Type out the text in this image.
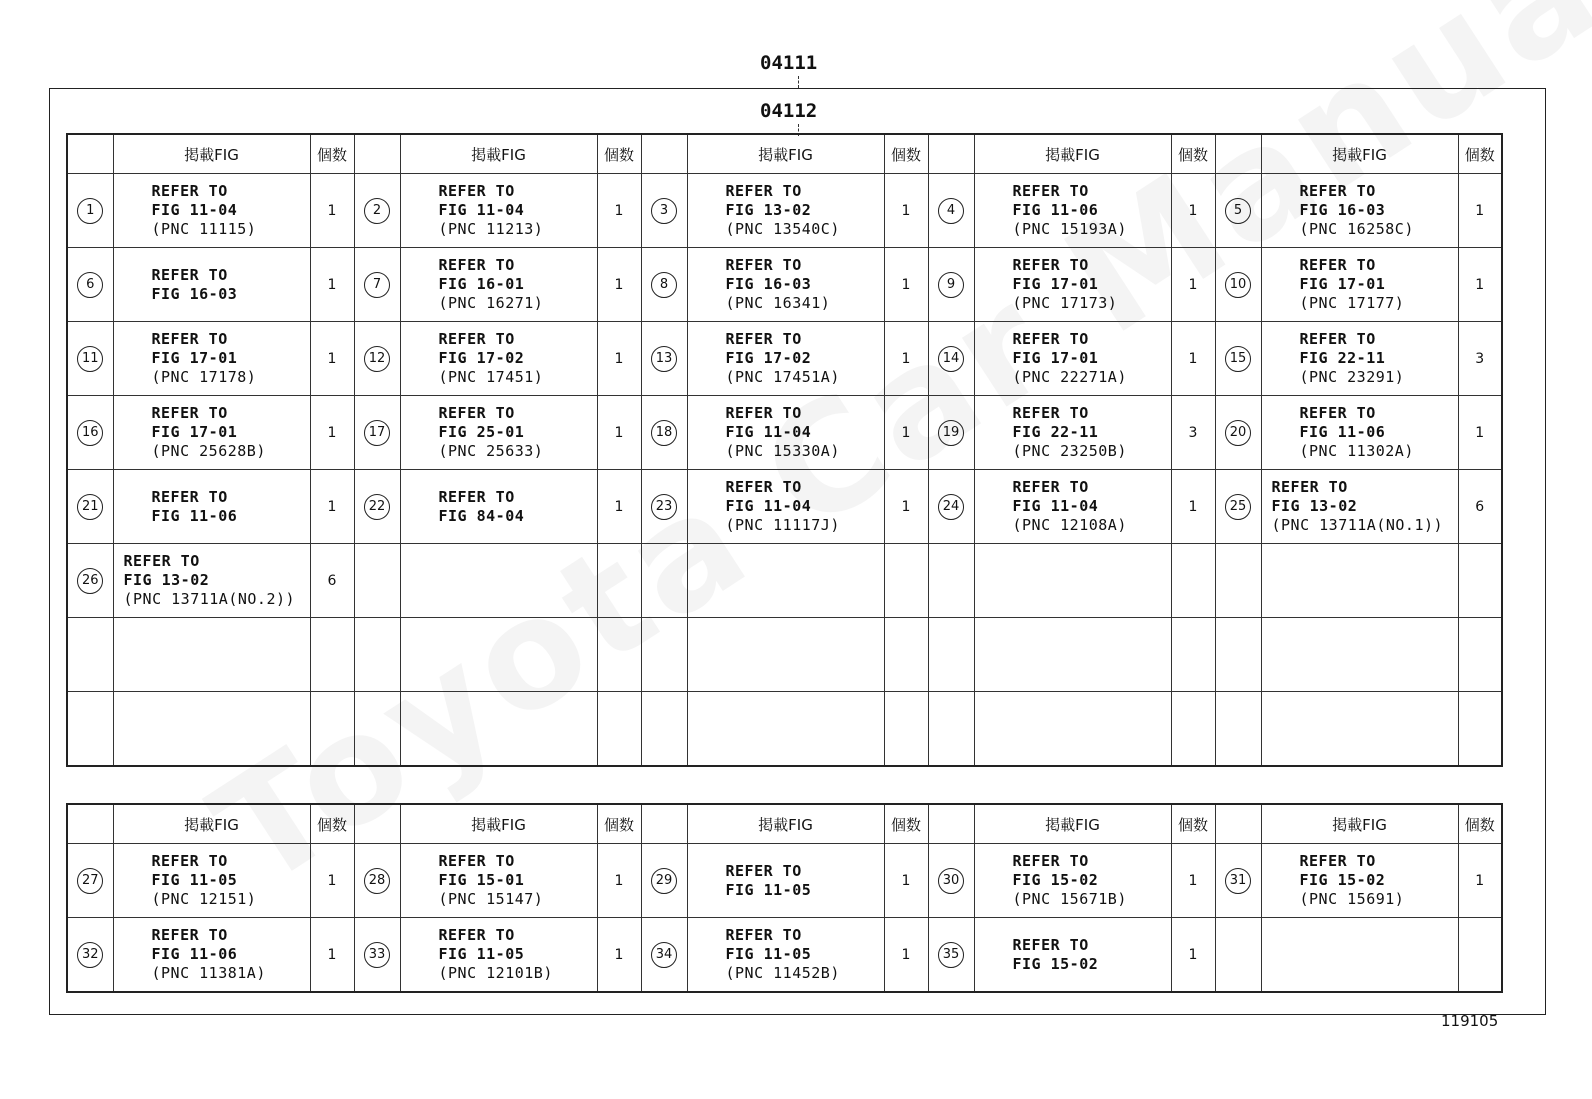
04111
04112
	掲載FIG	個数		掲載FIG	個数		掲載FIG	個数		掲載FIG	個数		掲載FIG	個数
1	REFER TO
FIG 11-04
(PNC 11115)	1	2	REFER TO
FIG 11-04
(PNC 11213)	1	3	REFER TO
FIG 13-02
(PNC 13540C)	1	4	REFER TO
FIG 11-06
(PNC 15193A)	1	5	REFER TO
FIG 16-03
(PNC 16258C)	1
6	REFER TO
FIG 16-03	1	7	REFER TO
FIG 16-01
(PNC 16271)	1	8	REFER TO
FIG 16-03
(PNC 16341)	1	9	REFER TO
FIG 17-01
(PNC 17173)	1	10	REFER TO
FIG 17-01
(PNC 17177)	1
11	REFER TO
FIG 17-01
(PNC 17178)	1	12	REFER TO
FIG 17-02
(PNC 17451)	1	13	REFER TO
FIG 17-02
(PNC 17451A)	1	14	REFER TO
FIG 17-01
(PNC 22271A)	1	15	REFER TO
FIG 22-11
(PNC 23291)	3
16	REFER TO
FIG 17-01
(PNC 25628B)	1	17	REFER TO
FIG 25-01
(PNC 25633)	1	18	REFER TO
FIG 11-04
(PNC 15330A)	1	19	REFER TO
FIG 22-11
(PNC 23250B)	3	20	REFER TO
FIG 11-06
(PNC 11302A)	1
21	REFER TO
FIG 11-06	1	22	REFER TO
FIG 84-04	1	23	REFER TO
FIG 11-04
(PNC 11117J)	1	24	REFER TO
FIG 11-04
(PNC 12108A)	1	25	REFER TO
FIG 13-02
(PNC 13711A(NO.1))	6
26	REFER TO
FIG 13-02
(PNC 13711A(NO.2))	6		

	掲載FIG	個数		掲載FIG	個数		掲載FIG	個数		掲載FIG	個数		掲載FIG	個数
27	REFER TO
FIG 11-05
(PNC 12151)	1	28	REFER TO
FIG 15-01
(PNC 15147)	1	29	REFER TO
FIG 11-05	1	30	REFER TO
FIG 15-02
(PNC 15671B)	1	31	REFER TO
FIG 15-02
(PNC 15691)	1
32	REFER TO
FIG 11-06
(PNC 11381A)	1	33	REFER TO
FIG 11-05
(PNC 12101B)	1	34	REFER TO
FIG 11-05
(PNC 11452B)	1	35	REFER TO
FIG 15-02	1		

119105
